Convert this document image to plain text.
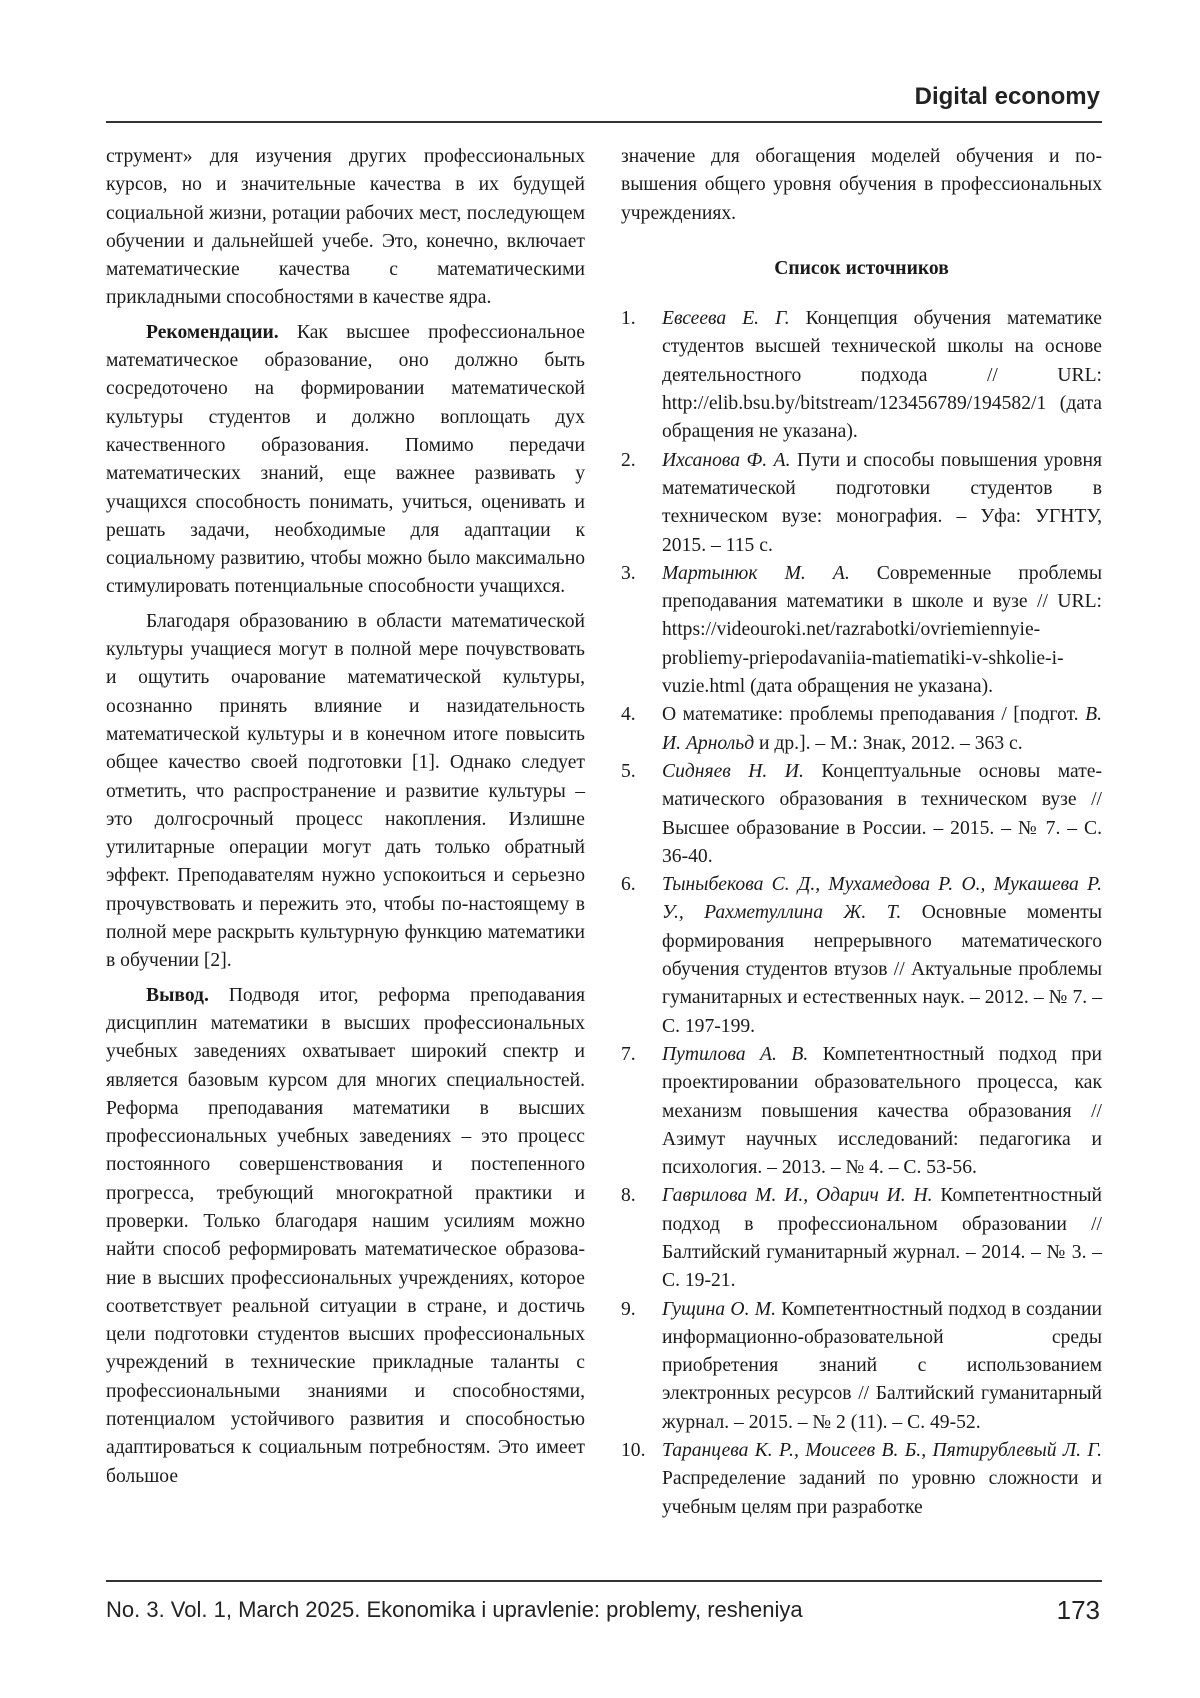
Digital economy

струмент» для изучения других профессиональных курсов, но и значительные качества в их будущей социальной жизни, ротации рабочих мест, последующем обучении и дальнейшей учебе. Это, конечно, включает математические качества с математическими прикладными способностями в качестве ядра.

Рекомендации. Как высшее профессиональное математическое образование, оно должно быть сосредоточено на формировании математической культуры студентов и должно воплощать дух качественного образования. Помимо передачи математических знаний, еще важнее развивать у учащихся способность понимать, учиться, оценивать и решать задачи, необходимые для адаптации к социальному развитию, чтобы можно было максимально стимулировать потенциальные способности учащихся.

Благодаря образованию в области математической культуры учащиеся могут в полной мере почувствовать и ощутить очарование математической культуры, осознанно принять влияние и назидательность математической культуры и в конечном итоге повысить общее качество своей подготовки [1]. Однако следует отметить, что распространение и развитие культуры – это долгосрочный процесс накопления. Излишне утилитарные операции могут дать только обратный эффект. Преподавателям нужно успокоиться и серьезно прочувствовать и пережить это, чтобы по-настоящему в полной мере раскрыть культурную функцию математики в обучении [2].

Вывод. Подводя итог, реформа преподавания дисциплин математики в высших профессиональных учебных заведениях охватывает широкий спектр и является базовым курсом для многих специальностей. Реформа преподавания математики в высших профессиональных учебных заведениях – это процесс постоянного совершенствования и постепенного прогресса, требующий многократной практики и проверки. Только благодаря нашим усилиям можно найти способ реформировать математическое образование в высших профессиональных учреждениях, которое соответствует реальной ситуации в стране, и достичь цели подготовки студентов высших профессиональных учреждений в технические прикладные таланты с профессиональными знаниями и способностями, потенциалом устойчивого развития и способностью адаптироваться к социальным потребностям. Это имеет большое

значение для обогащения моделей обучения и повышения общего уровня обучения в профессиональных учреждениях.

Список источников

1. Евсеева Е. Г. Концепция обучения математике студентов высшей технической школы на основе деятельностного подхода // URL: http://elib.bsu.by/bitstream/123456789/194582/1 (дата обращения не указана).
2. Ихсанова Ф. А. Пути и способы повышения уровня математической подготовки студентов в техническом вузе: монография. – Уфа: УГНТУ, 2015. – 115 с.
3. Мартынюк М. А. Современные проблемы преподавания математики в школе и вузе // URL: https://videouroki.net/razrabotki/ovriemiennyie-probliemy-priepodavaniia-matiematiki-v-shkolie-i-vuzie.html (дата обращения не указана).
4. О математике: проблемы преподавания / [подгот. В. И. Арнольд и др.]. – М.: Знак, 2012. – 363 с.
5. Сидняев Н. И. Концептуальные основы математического образования в техническом вузе // Высшее образование в России. – 2015. – № 7. – С. 36-40.
6. Тыныбекова С. Д., Мухамедова Р. О., Мукашева Р. У., Рахметуллина Ж. Т. Основные моменты формирования непрерывного математического обучения студентов втузов // Актуальные проблемы гуманитарных и естественных наук. – 2012. – № 7. – С. 197-199.
7. Путилова А. В. Компетентностный подход при проектировании образовательного процесса, как механизм повышения качества образования // Азимут научных исследований: педагогика и психология. – 2013. – № 4. – С. 53-56.
8. Гаврилова М. И., Одарич И. Н. Компетентностный подход в профессиональном образовании // Балтийский гуманитарный журнал. – 2014. – № 3. – С. 19-21.
9. Гущина О. М. Компетентностный подход в создании информационно-образовательной среды приобретения знаний с использованием электронных ресурсов // Балтийский гуманитарный журнал. – 2015. – № 2 (11). – С. 49-52.
10. Таранцева К. Р., Моисеев В. Б., Пятирублевый Л. Г. Распределение заданий по уровню сложности и учебным целям при разработке
No. 3. Vol. 1, March 2025. Ekonomika i upravlenie: problemy, resheniya	173
